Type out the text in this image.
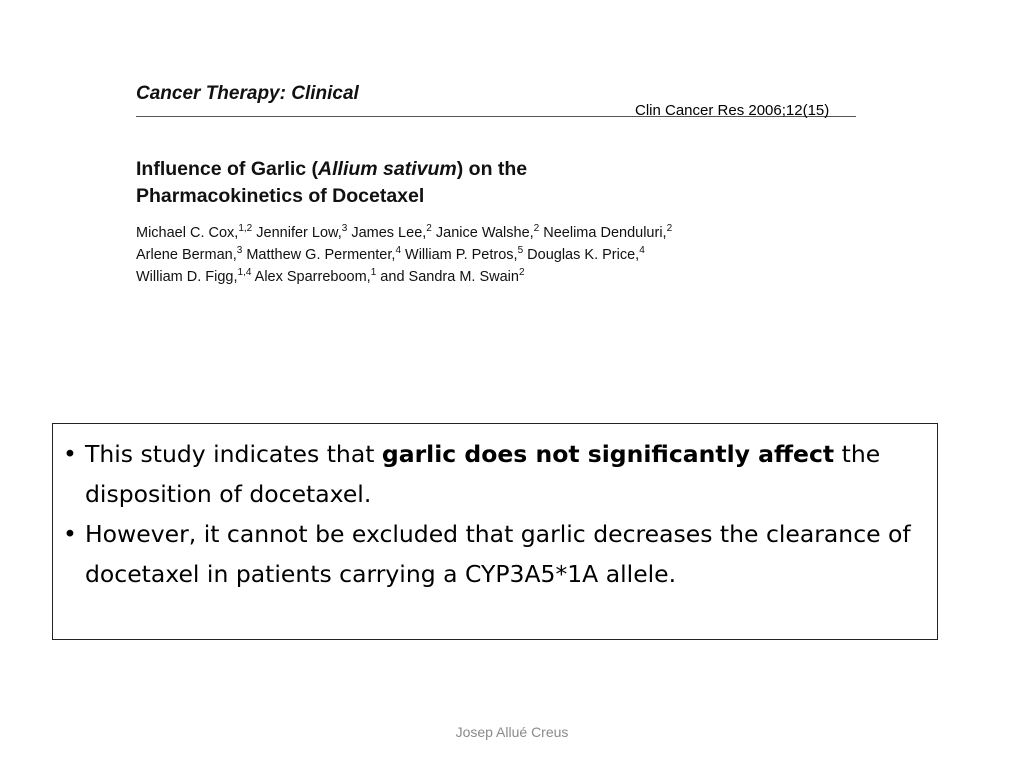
Cancer Therapy: Clinical
Clin Cancer Res 2006;12(15)
Influence of Garlic (Allium sativum) on the
Pharmacokinetics of Docetaxel
Michael C. Cox,$^{1,2}$ Jennifer Low,$^3$ James Lee,$^2$ Janice Walshe,$^2$ Neelima Denduluri,$^2$
Arlene Berman,$^3$ Matthew G. Permenter,$^4$ William P. Petros,$^5$ Douglas K. Price,$^4$
William D. Figg,$^{1,4}$ Alex Sparreboom,$^1$ and Sandra M. Swain$^2$
• This study indicates that garlic does not significantly affect the disposition of docetaxel.
• However, it cannot be excluded that garlic decreases the clearance of docetaxel in patients carrying a CYP3A5*1A allele.
Josep Allué Creus
